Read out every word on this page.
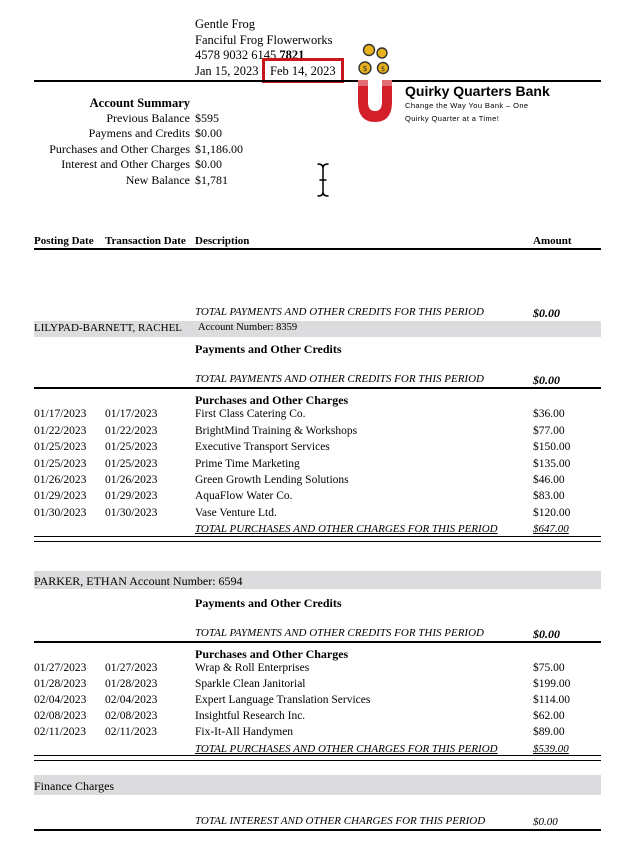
Gentle Frog
Fanciful Frog Flowerworks
4578 9032 6145 7821
Jan 15, 2023 Feb 14, 2023	$ $
Quirky Quarters Bank
Change the Way You Bank – One
Quirky Quarter at a Time!
Account Summary
Previous Balance $595
Paymens and Credits $0.00
Purchases and Other Charges $1,186.00
Interest and Other Charges $0.00
New Balance $1,781
Posting Date Transaction Date Description	Amount
TOTAL PAYMENTS AND OTHER CREDITS FOR THIS PERIOD	$0.00
LILYPAD-BARNETT, RACHEL Account Number: 8359
Payments and Other Credits
TOTAL PAYMENTS AND OTHER CREDITS FOR THIS PERIOD	$0.00
Purchases and Other Charges
01/17/2023 01/17/2023	First Class Catering Co.	$36.00
01/22/2023 01/22/2023	BrightMind Training & Workshops	$77.00
01/25/2023 01/25/2023	Executive Transport Services	$150.00
01/25/2023 01/25/2023	Prime Time Marketing	$135.00
01/26/2023 01/26/2023	Green Growth Lending Solutions	$46.00
01/29/2023 01/29/2023	AquaFlow Water Co.	$83.00
01/30/2023 01/30/2023	Vase Venture Ltd.	$120.00
TOTAL PURCHASES AND OTHER CHARGES FOR THIS PERIOD	$647.00
PARKER, ETHAN Account Number: 6594
Payments and Other Credits
TOTAL PAYMENTS AND OTHER CREDITS FOR THIS PERIOD	$0.00
Purchases and Other Charges
01/27/2023 01/27/2023	Wrap & Roll Enterprises	$75.00
01/28/2023 01/28/2023	Sparkle Clean Janitorial	$199.00
02/04/2023 02/04/2023	Expert Language Translation Services	$114.00
02/08/2023 02/08/2023	Insightful Research Inc.	$62.00
02/11/2023 02/11/2023	Fix-It-All Handymen	$89.00
TOTAL PURCHASES AND OTHER CHARGES FOR THIS PERIOD	$539.00
Finance Charges
TOTAL INTEREST AND OTHER CHARGES FOR THIS PERIOD	$0.00
